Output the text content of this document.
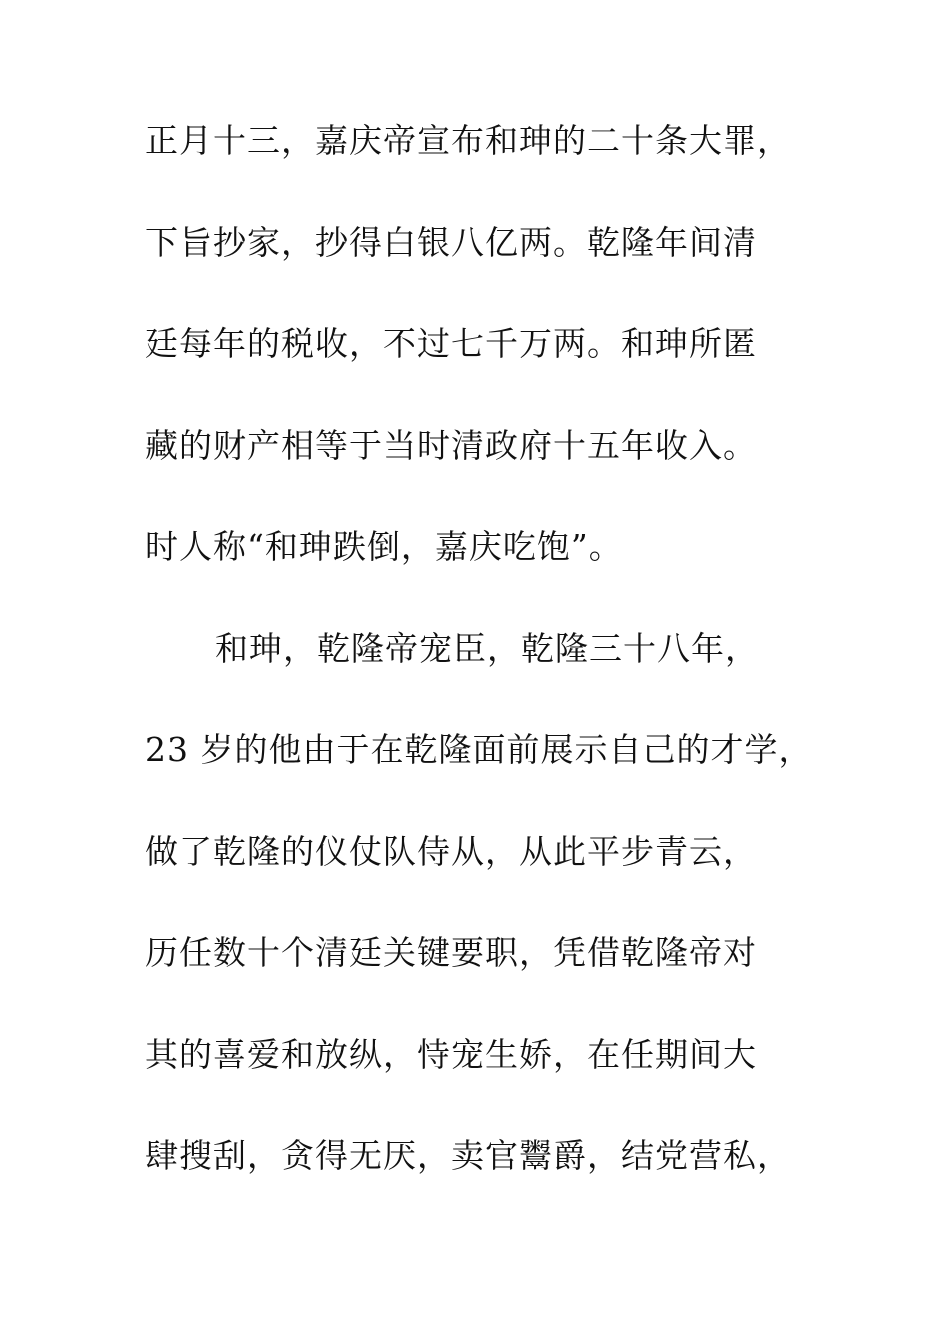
正月十三，嘉庆帝宣布和珅的二十条大罪，
下旨抄家，抄得白银八亿两。乾隆年间清
廷每年的税收，不过七千万两。和珅所匿
藏的财产相等于当时清政府十五年收入。
时人称“和珅跌倒，嘉庆吃饱”。
和珅，乾隆帝宠臣，乾隆三十八年，
23 岁的他由于在乾隆面前展示自己的才学，
做了乾隆的仪仗队侍从，从此平步青云，
历任数十个清廷关键要职，凭借乾隆帝对
其的喜爱和放纵，恃宠生娇，在任期间大
肆搜刮，贪得无厌，卖官鬻爵，结党营私，
